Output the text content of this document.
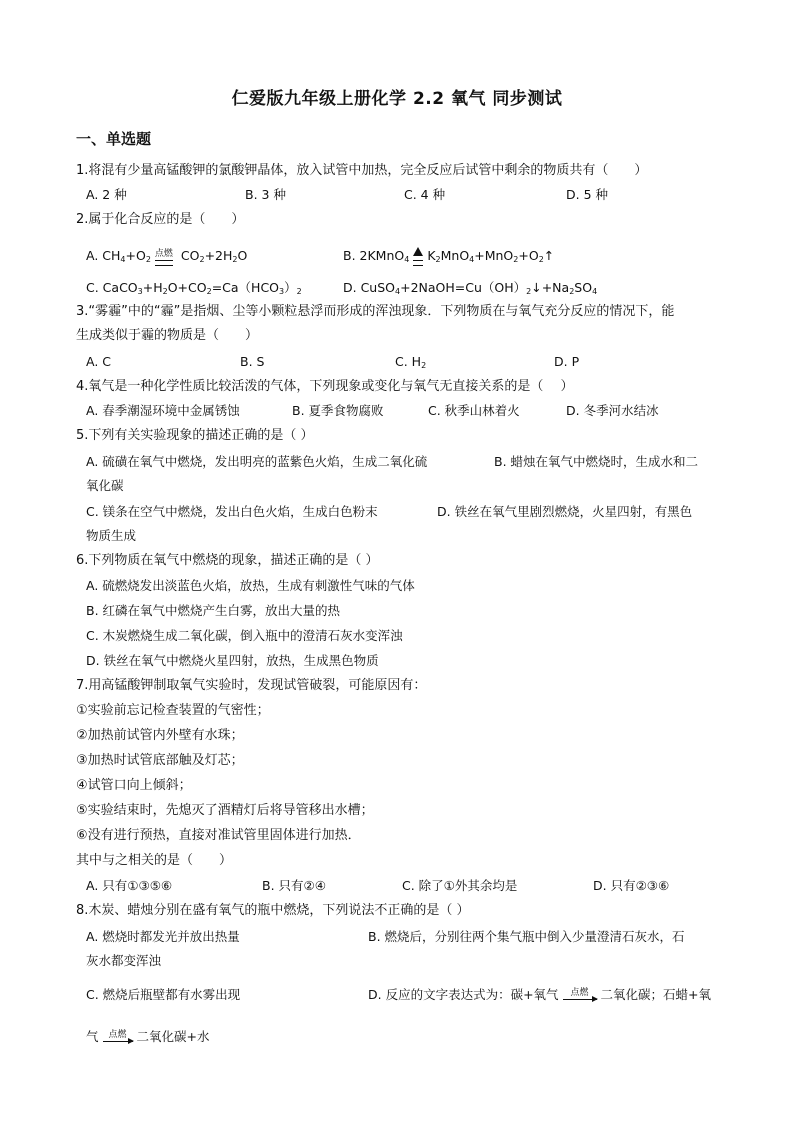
仁爱版九年级上册化学 2.2 氧气 同步测试
一、单选题
1.将混有少量高锰酸钾的氯酸钾晶体，放入试管中加热，完全反应后试管中剩余的物质共有（　　）
A. 2 种	B. 3 种	C. 4 种	D. 5 种
2.属于化合反应的是（　　）
A. $CH_4+O_2$点燃
$CO_2+2H_2O$	B. 2KMnO$_4$ $K_2MnO_4+MnO_2+O_2↑$
C. $CaCO_3+H_2O+CO_2=Ca(HCO_3)_2$	D. $CuSO_4+2NaOH=Cu(OH)_2↓+Na_2SO_4$
3.“雾霾”中的“霾”是指烟、尘等小颗粒悬浮而形成的浑浊现象．下列物质在与氧气充分反应的情况下，能
生成类似于霾的物质是（　　）
A. C	B. S	C. $H_2$	D. P
4.氧气是一种化学性质比较活泼的气体，下列现象或变化与氧气无直接关系的是（　 ）
A. 春季潮湿环境中金属锈蚀	B. 夏季食物腐败	C. 秋季山林着火	D. 冬季河水结冰
5.下列有关实验现象的描述正确的是（ ）
A. 硫磺在氧气中燃烧，发出明亮的蓝紫色火焰，生成二氧化硫	B. 蜡烛在氧气中燃烧时，生成水和二
氧化碳
C. 镁条在空气中燃烧，发出白色火焰，生成白色粉末	D. 铁丝在氧气里剧烈燃烧，火星四射，有黑色
物质生成
6.下列物质在氧气中燃烧的现象，描述正确的是（ ）
A. 硫燃烧发出淡蓝色火焰，放热，生成有刺激性气味的气体
B. 红磷在氧气中燃烧产生白雾，放出大量的热
C. 木炭燃烧生成二氧化碳，倒入瓶中的澄清石灰水变浑浊
D. 铁丝在氧气中燃烧火星四射，放热，生成黑色物质
7.用高锰酸钾制取氧气实验时，发现试管破裂，可能原因有：
①实验前忘记检查装置的气密性；
②加热前试管内外壁有水珠；
③加热时试管底部触及灯芯；
④试管口向上倾斜；
⑤实验结束时，先熄灭了酒精灯后将导管移出水槽；
⑥没有进行预热，直接对准试管里固体进行加热．
其中与之相关的是（　　）
A. 只有①③⑤⑥	B. 只有②④	C. 除了①外其余均是	D. 只有②③⑥
8.木炭、蜡烛分别在盛有氧气的瓶中燃烧，下列说法不正确的是（ ）
A. 燃烧时都发光并放出热量	B. 燃烧后，分别往两个集气瓶中倒入少量澄清石灰水，石
灰水都变浑浊
C. 燃烧后瓶壁都有水雾出现	D. 反应的文字表达式为：碳+氧气 点燃 二氧化碳；石蜡+氧
气 点燃 二氧化碳+水
